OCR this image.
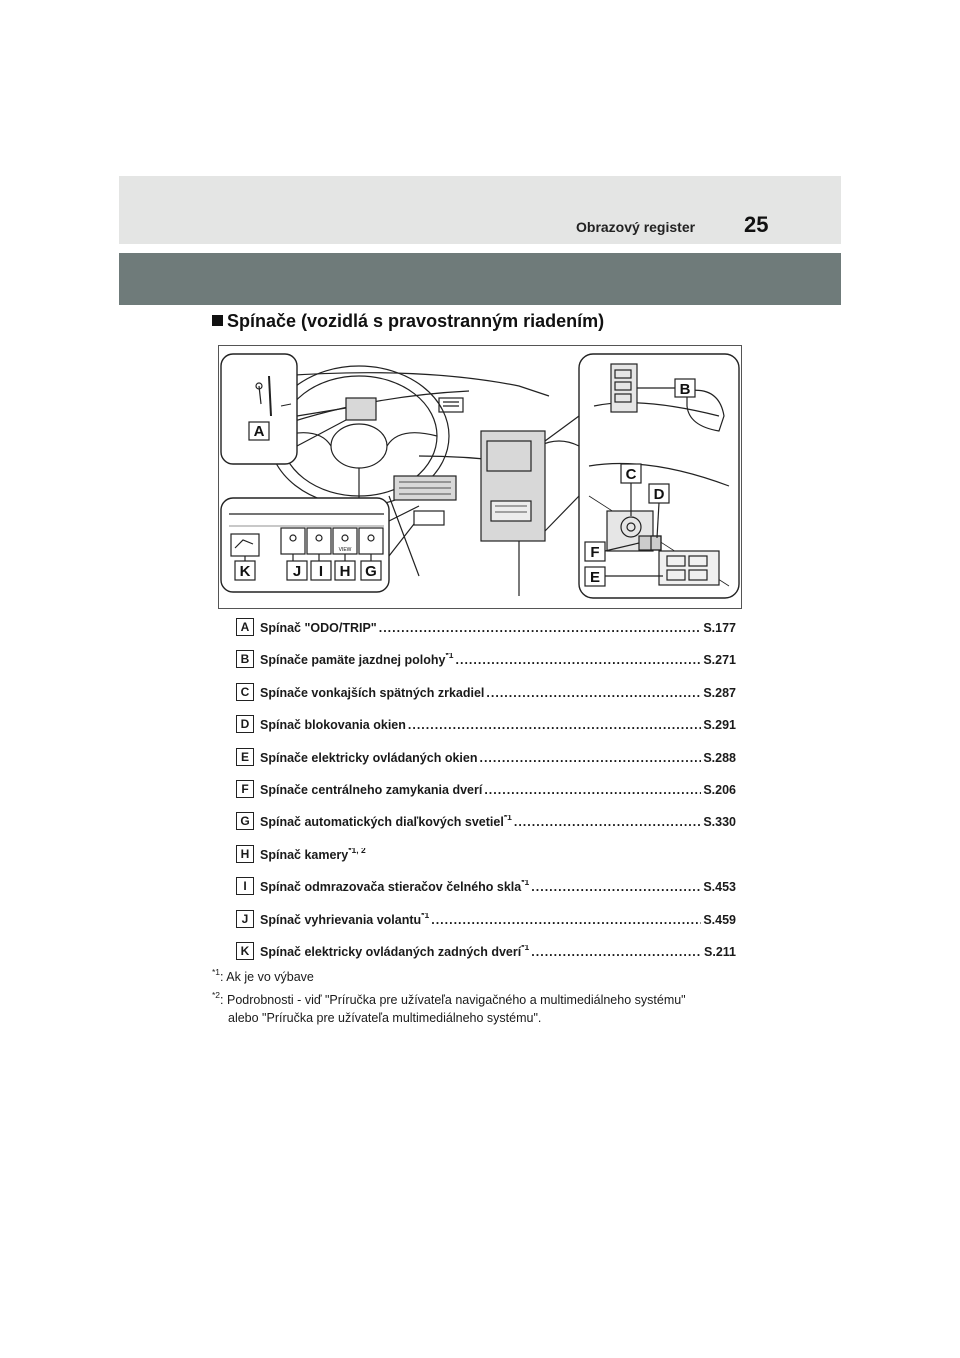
Obrazový register 25
Spínače (vozidlá s pravostranným riadením)
A
VIEW
K	J I H G
B
C
D
F
E
A Spínač "ODO/TRIP" .....	S.177
B Spínače pamäte jazdnej polohy$^{*1}$ .....	S.271
C Spínače vonkajších spätných zrkadiel .....	S.287
D Spínač blokovania okien .....	S.291
E Spínače elektricky ovládaných okien .....	S.288
F Spínače centrálneho zamykania dverí .....	S.206
G Spínač automatických diaľkových svetiel$^{*1}$ .....	S.330
H Spínač kamery$^{*1, 2}$
I	Spínač odmrazovača stieračov čelného skla$^{*1}$ .....	S.453
J Spínač vyhrievania volantu$^{*1}$ .....	S.459
K Spínač elektricky ovládaných zadných dverí$^{*1}$ .....	S.211
$^{*1}$: Ak je vo výbave
$^{*2}$: Podrobnosti - viď "Príručka pre užívateľa navigačného a multimediálneho systému"
alebo "Príručka pre užívateľa multimediálneho systému".
